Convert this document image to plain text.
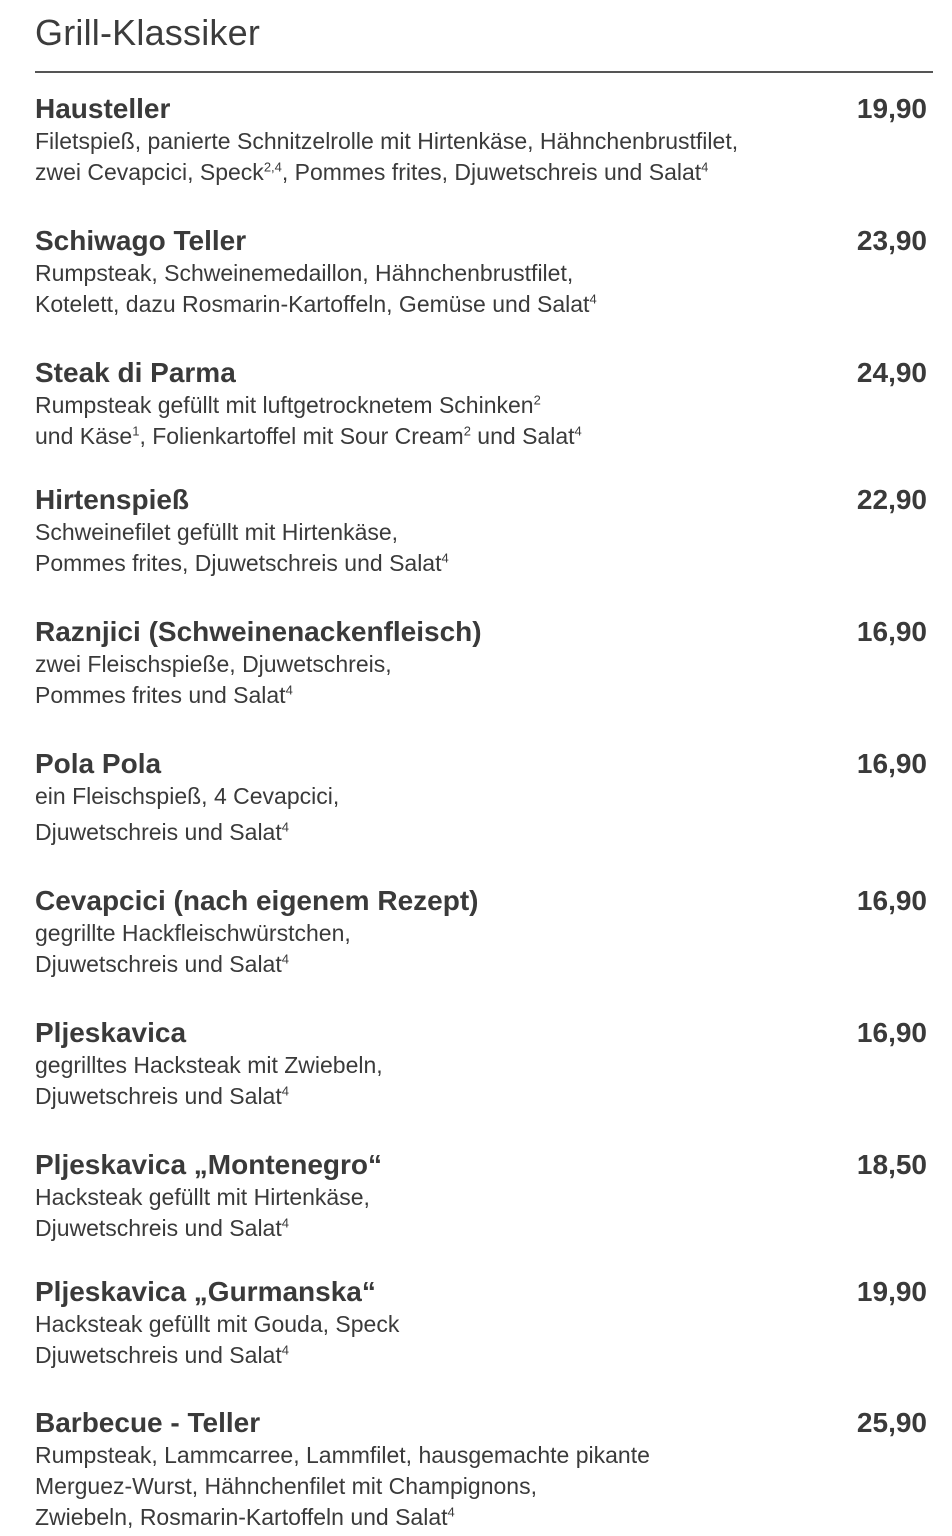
Grill-Klassiker
Hausteller	19,90
Filetspieß, panierte Schnitzelrolle mit Hirtenkäse, Hähnchenbrustfilet,
zwei Cevapcici, Speck$^{2,4}$, Pommes frites, Djuwetschreis und Salat$^4$
Schiwago Teller	23,90
Rumpsteak, Schweinemedaillon, Hähnchenbrustfilet,
Kotelett, dazu Rosmarin-Kartoffeln, Gemüse und Salat$^4$
Steak di Parma	24,90
Rumpsteak gefüllt mit luftgetrocknetem Schinken$^2$
und Käse$^1$, Folienkartoffel mit Sour Cream$^2$ und Salat$^4$
Hirtenspieß	22,90
Schweinefilet gefüllt mit Hirtenkäse,
Pommes frites, Djuwetschreis und Salat$^4$
Raznjici (Schweinenackenfleisch)	16,90
zwei Fleischspieße, Djuwetschreis,
Pommes frites und Salat$^4$
Pola Pola	16,90
ein Fleischspieß, 4 Cevapcici,
Djuwetschreis und Salat$^4$
Cevapcici (nach eigenem Rezept)	16,90
gegrillte Hackfleischwürstchen,
Djuwetschreis und Salat$^4$
Pljeskavica	16,90
gegrilltes Hacksteak mit Zwiebeln,
Djuwetschreis und Salat$^4$
Pljeskavica „Montenegro“	18,50
Hacksteak gefüllt mit Hirtenkäse,
Djuwetschreis und Salat$^4$
Pljeskavica „Gurmanska“	19,90
Hacksteak gefüllt mit Gouda, Speck
Djuwetschreis und Salat$^4$
Barbecue - Teller	25,90
Rumpsteak, Lammcarree, Lammfilet, hausgemachte pikante
Merguez-Wurst, Hähnchenfilet mit Champignons,
Zwiebeln, Rosmarin-Kartoffeln und Salat$^4$
